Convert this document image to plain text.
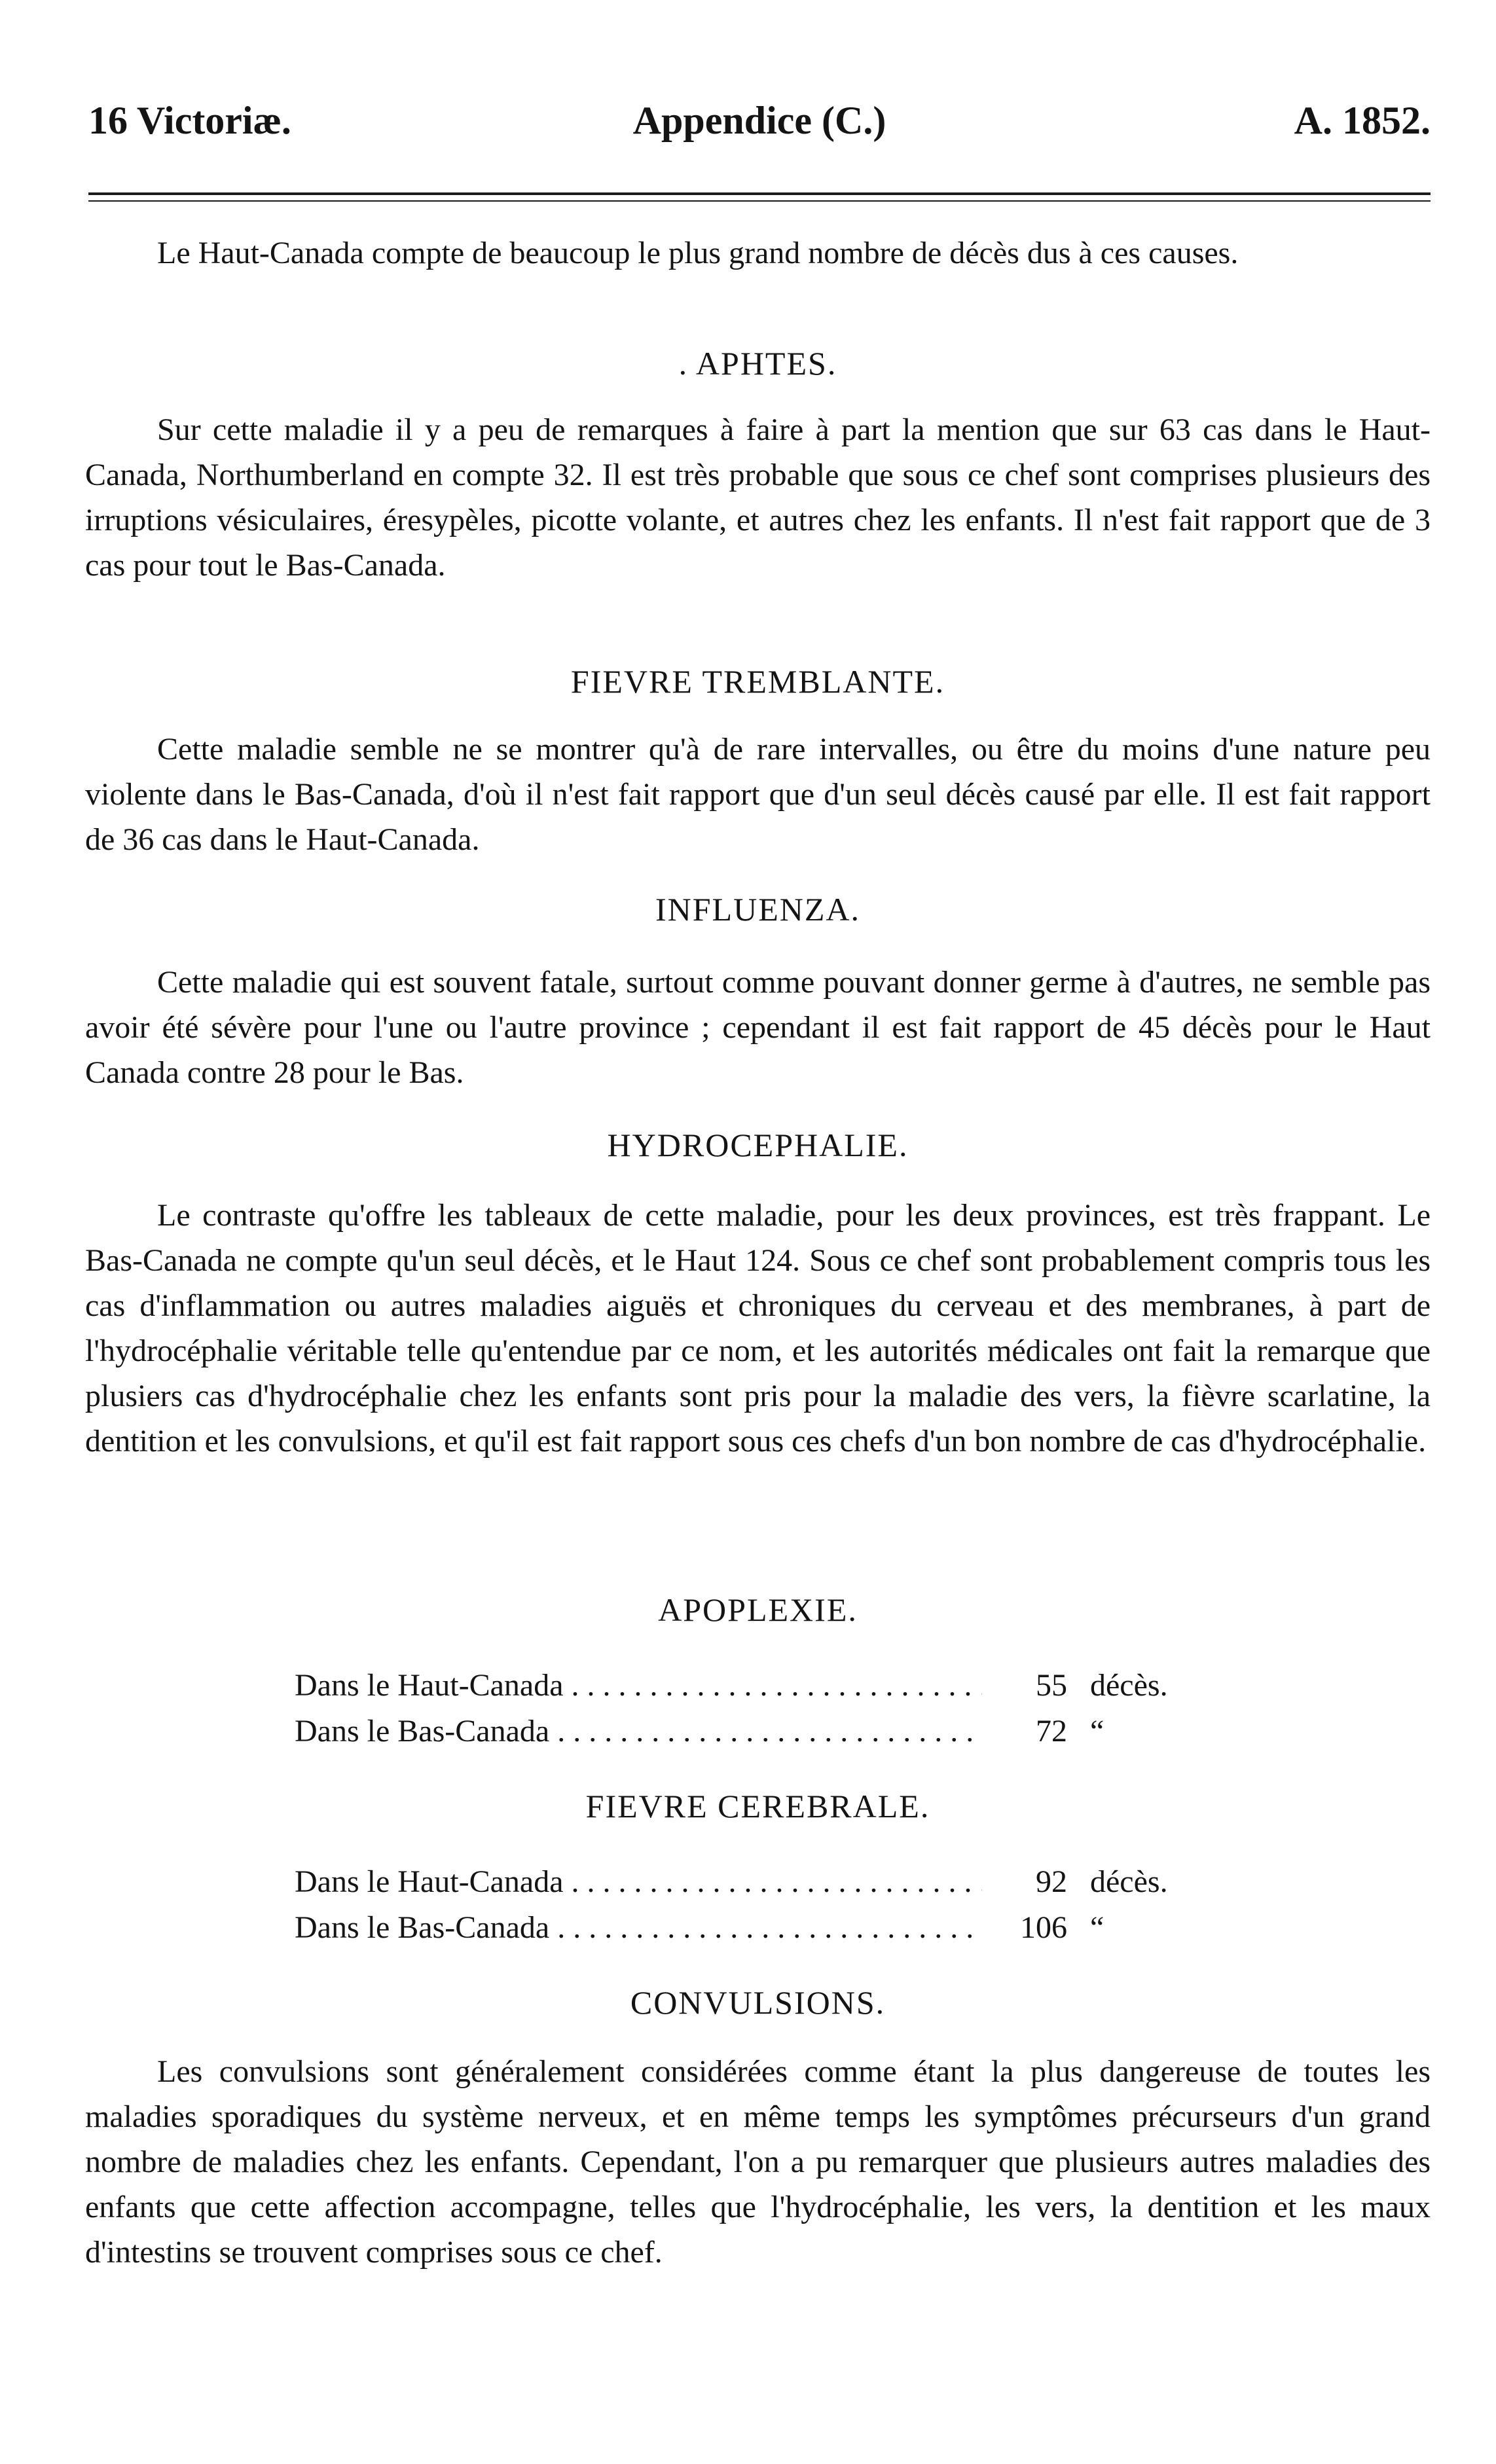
16 Victoriæ.	Appendice (C.)	A. 1852.

Le Haut-Canada compte de beaucoup le plus grand nombre de décès dus à ces causes.

. APHTES.

Sur cette maladie il y a peu de remarques à faire à part la mention que sur 63 cas dans le Haut-Canada, Northumberland en compte 32. Il est très probable que sous ce chef sont comprises plusieurs des irruptions vésiculaires, éresypèles, picotte volante, et autres chez les enfants. Il n'est fait rapport que de 3 cas pour tout le Bas-Canada.

FIEVRE TREMBLANTE.

Cette maladie semble ne se montrer qu'à de rare intervalles, ou être du moins d'une nature peu violente dans le Bas-Canada, d'où il n'est fait rapport que d'un seul décès causé par elle. Il est fait rapport de 36 cas dans le Haut-Canada.

INFLUENZA.

Cette maladie qui est souvent fatale, surtout comme pouvant donner germe à d'autres, ne semble pas avoir été sévère pour l'une ou l'autre province ; cependant il est fait rapport de 45 décès pour le Haut Canada contre 28 pour le Bas.

HYDROCEPHALIE.

Le contraste qu'offre les tableaux de cette maladie, pour les deux provinces, est très frappant. Le Bas-Canada ne compte qu'un seul décès, et le Haut 124. Sous ce chef sont probablement compris tous les cas d'inflammation ou autres maladies aiguës et chroniques du cerveau et des membranes, à part de l'hydrocéphalie véritable telle qu'entendue par ce nom, et les autorités médicales ont fait la remarque que plusiers cas d'hydrocéphalie chez les enfants sont pris pour la maladie des vers, la fièvre scarlatine, la dentition et les convulsions, et qu'il est fait rapport sous ces chefs d'un bon nombre de cas d'hydrocéphalie.

APOPLEXIE.

Dans le Haut-Canada . . .	55 décès.
Dans le Bas-Canada . . .	72 “

FIEVRE CEREBRALE.

Dans le Haut-Canada . . .	92 décès.
Dans le Bas-Canada . . .	106 “

CONVULSIONS.

Les convulsions sont généralement considérées comme étant la plus dangereuse de toutes les maladies sporadiques du système nerveux, et en même temps les symptômes précurseurs d'un grand nombre de maladies chez les enfants. Cependant, l'on a pu remarquer que plusieurs autres maladies des enfants que cette affection accompagne, telles que l'hydrocéphalie, les vers, la dentition et les maux d'intestins se trouvent comprises sous ce chef.
